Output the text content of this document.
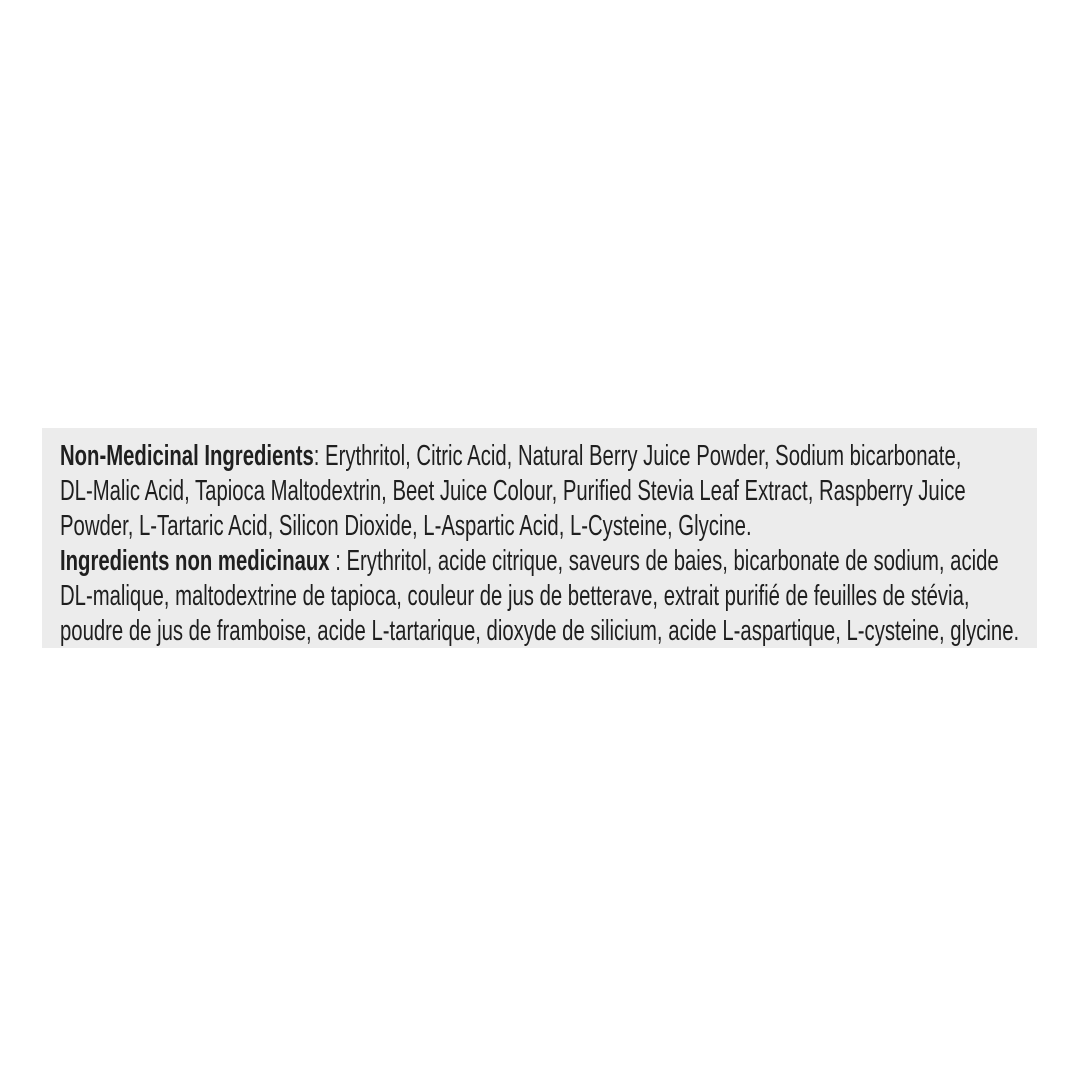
Non-Medicinal Ingredients: Erythritol, Citric Acid, Natural Berry Juice Powder, Sodium bicarbonate,
DL-Malic Acid, Tapioca Maltodextrin, Beet Juice Colour, Purified Stevia Leaf Extract, Raspberry Juice
Powder, L-Tartaric Acid, Silicon Dioxide, L-Aspartic Acid, L-Cysteine, Glycine.
Ingredients non medicinaux : Erythritol, acide citrique, saveurs de baies, bicarbonate de sodium, acide
DL-malique, maltodextrine de tapioca, couleur de jus de betterave, extrait purifié de feuilles de stévia,
poudre de jus de framboise, acide L-tartarique, dioxyde de silicium, acide L-aspartique, L-cysteine, glycine.
